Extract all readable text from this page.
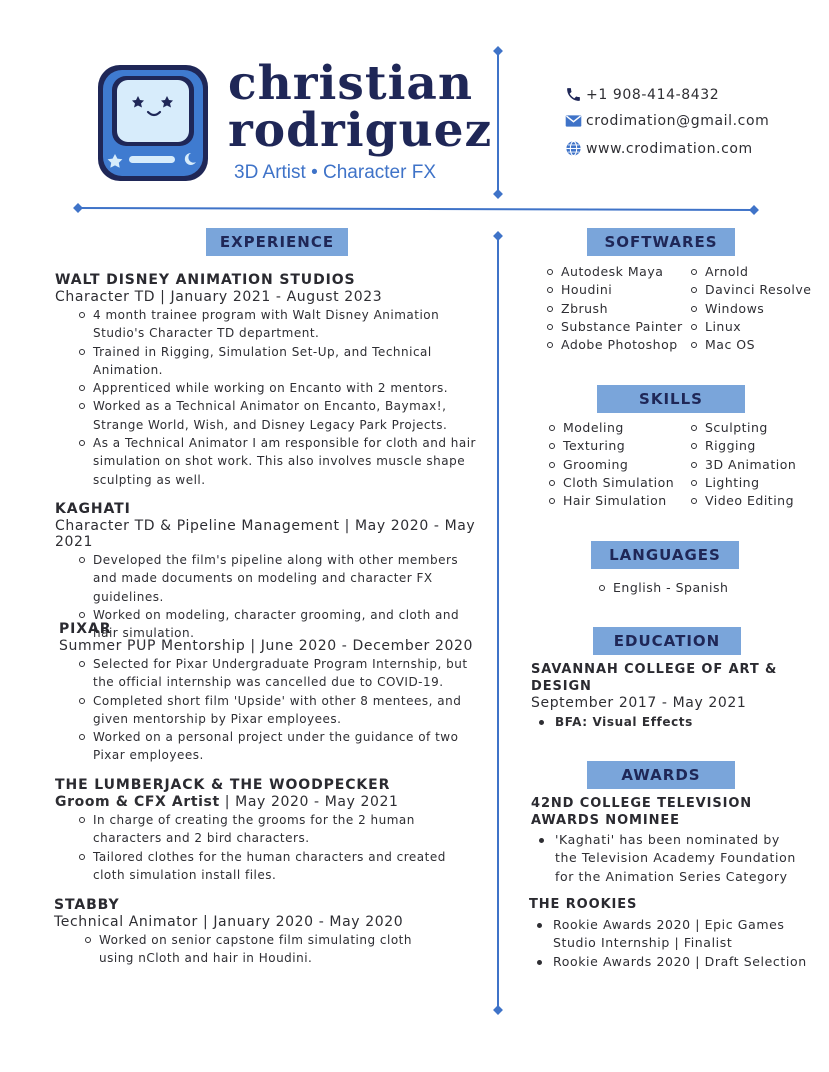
christian
rodriguez
3D Artist • Character FX
+1 908-414-8432
crodimation@gmail.com
www.crodimation.com
EXPERIENCE
WALT DISNEY ANIMATION STUDIOS
Character TD | January 2021 - August 2023
4 month trainee program with Walt Disney Animation Studio's Character TD department.
Trained in Rigging, Simulation Set-Up, and Technical Animation.
Apprenticed while working on Encanto with 2 mentors.
Worked as a Technical Animator on Encanto, Baymax!, Strange World, Wish, and Disney Legacy Park Projects.
As a Technical Animator I am responsible for cloth and hair simulation on shot work. This also involves muscle shape sculpting as well.
KAGHATI
Character TD & Pipeline Management | May 2020 - May 2021
Developed the film's pipeline along with other members and made documents on modeling and character FX guidelines.
Worked on modeling, character grooming, and cloth and hair simulation.
PIXAR
Summer PUP Mentorship | June 2020 - December 2020
Selected for Pixar Undergraduate Program Internship, but the official internship was cancelled due to COVID-19.
Completed short film 'Upside' with other 8 mentees, and given mentorship by Pixar employees.
Worked on a personal project under the guidance of two Pixar employees.
THE LUMBERJACK & THE WOODPECKER
Groom & CFX Artist | May 2020 - May 2021
In charge of creating the grooms for the 2 human characters and 2 bird characters.
Tailored clothes for the human characters and created cloth simulation install files.
STABBY
Technical Animator | January 2020 - May 2020
Worked on senior capstone film simulating cloth using nCloth and hair in Houdini.
SOFTWARES
Autodesk Maya
Houdini
Zbrush
Substance Painter
Adobe Photoshop
Arnold
Davinci Resolve
Windows
Linux
Mac OS
SKILLS
Modeling
Texturing
Grooming
Cloth Simulation
Hair Simulation
Sculpting
Rigging
3D Animation
Lighting
Video Editing
LANGUAGES
English - Spanish
EDUCATION
SAVANNAH COLLEGE OF ART &
DESIGN
September 2017 - May 2021
BFA: Visual Effects
AWARDS
42ND COLLEGE TELEVISION
AWARDS NOMINEE
'Kaghati' has been nominated by the Television Academy Foundation for the Animation Series Category
THE ROOKIES
Rookie Awards 2020 | Epic Games Studio Internship | Finalist
Rookie Awards 2020 | Draft Selection
